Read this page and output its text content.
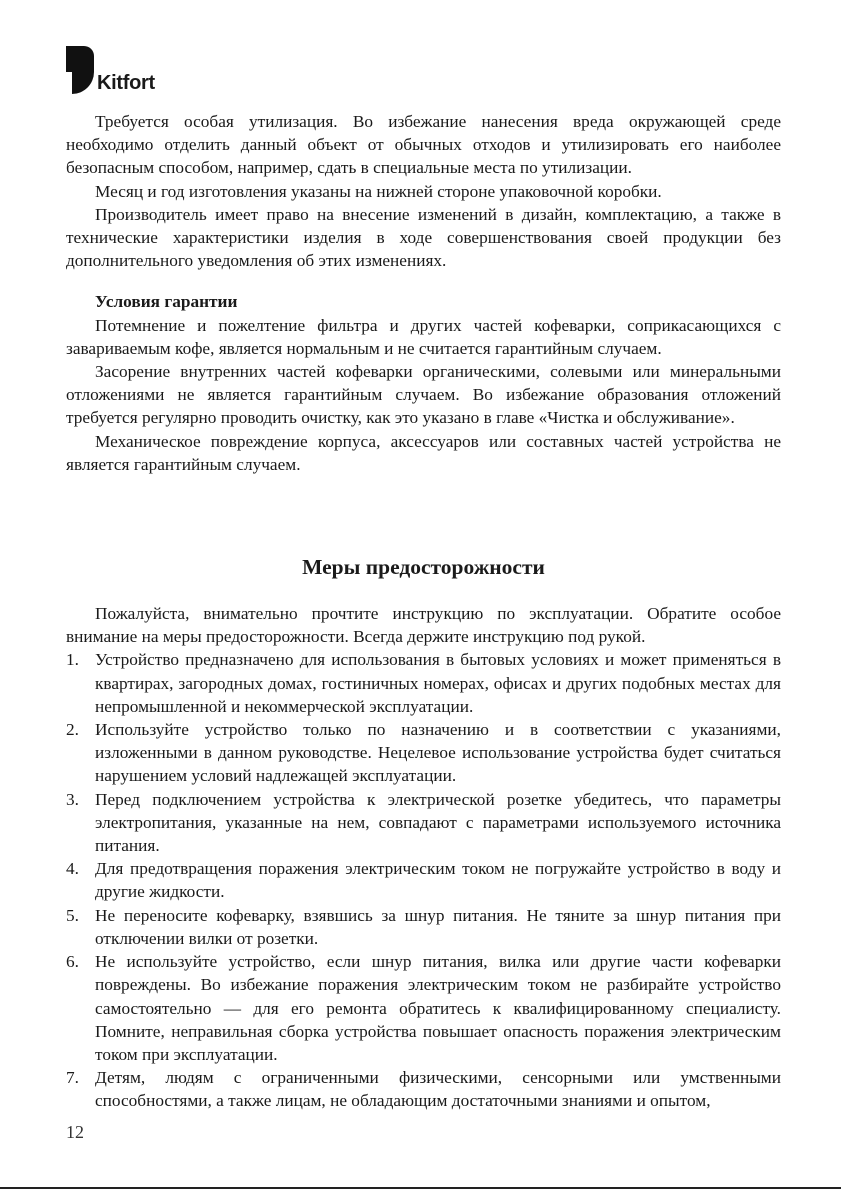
Kitfort

Требуется особая утилизация. Во избежание нанесения вреда окружающей среде необходимо отделить данный объект от обычных отходов и утилизировать его наиболее безопасным способом, например, сдать в специальные места по утилизации.

Месяц и год изготовления указаны на нижней стороне упаковочной коробки.

Производитель имеет право на внесение изменений в дизайн, комплектацию, а также в технические характеристики изделия в ходе совершенствования своей продукции без дополнительного уведомления об этих изменениях.

Условия гарантии

Потемнение и пожелтение фильтра и других частей кофеварки, соприкасающихся с завариваемым кофе, является нормальным и не считается гарантийным случаем.

Засорение внутренних частей кофеварки органическими, солевыми или минеральными отложениями не является гарантийным случаем. Во избежание образования отложений требуется регулярно проводить очистку, как это указано в главе «Чистка и обслуживание».

Механическое повреждение корпуса, аксессуаров или составных частей устройства не является гарантийным случаем.

Меры предосторожности

Пожалуйста, внимательно прочтите инструкцию по эксплуатации. Обратите особое внимание на меры предосторожности. Всегда держите инструкцию под рукой.

1. Устройство предназначено для использования в бытовых условиях и может применяться в квартирах, загородных домах, гостиничных номерах, офисах и других подобных местах для непромышленной и некоммерческой эксплуатации.
2. Используйте устройство только по назначению и в соответствии с указаниями, изложенными в данном руководстве. Нецелевое использование устройства будет считаться нарушением условий надлежащей эксплуатации.
3. Перед подключением устройства к электрической розетке убедитесь, что параметры электропитания, указанные на нем, совпадают с параметрами используемого источника питания.
4. Для предотвращения поражения электрическим током не погружайте устройство в воду и другие жидкости.
5. Не переносите кофеварку, взявшись за шнур питания. Не тяните за шнур питания при отключении вилки от розетки.
6. Не используйте устройство, если шнур питания, вилка или другие части кофеварки повреждены. Во избежание поражения электрическим током не разбирайте устройство самостоятельно — для его ремонта обратитесь к квалифицированному специалисту. Помните, неправильная сборка устройства повышает опасность поражения электрическим током при эксплуатации.
7. Детям, людям с ограниченными физическими, сенсорными или умственными способностями, а также лицам, не обладающим достаточными знаниями и опытом,
12
